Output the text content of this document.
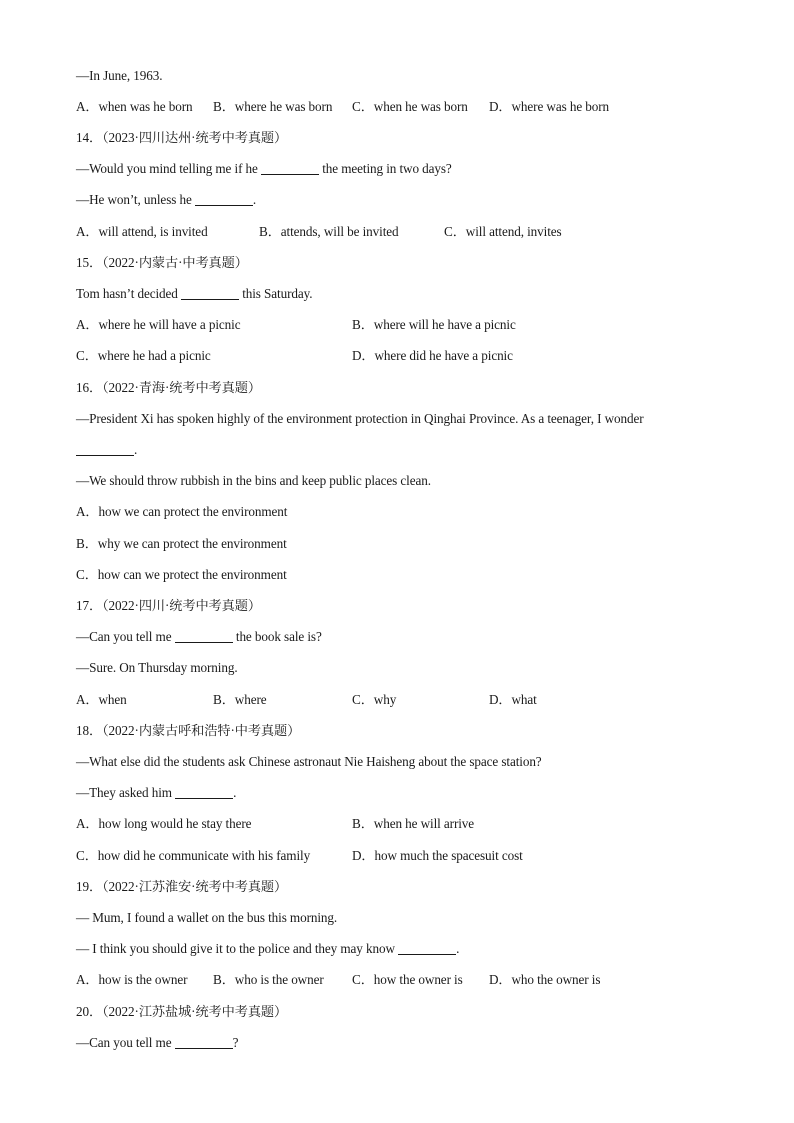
—In June, 1963.
A．when was he born B．where he was born C．when he was born D．where was he born
14．（2023·四川达州·统考中考真题）
—Would you mind telling me if he	the meeting in two days?
—He won’t, unless he	.
A．will attend, is invited	B．attends, will be invited	C．will attend, invites
15．（2022·内蒙古·中考真题）
Tom hasn’t decided	this Saturday.
A．where he will have a picnic	B．where will he have a picnic
C．where he had a picnic	D．where did he have a picnic
16．（2022·青海·统考中考真题）
—President Xi has spoken highly of the environment protection in Qinghai Province. As a teenager, I wonder
.
—We should throw rubbish in the bins and keep public places clean.
A．how we can protect the environment
B．why we can protect the environment
C．how can we protect the environment
17．（2022·四川·统考中考真题）
—Can you tell me	the book sale is?
—Sure. On Thursday morning.
A．when	B．where	C．why	D．what
18．（2022·内蒙古呼和浩特·中考真题）
—What else did the students ask Chinese astronaut Nie Haisheng about the space station?
—They asked him	.
A．how long would he stay there	B．when he will arrive
C．how did he communicate with his family	D．how much the spacesuit cost
19．（2022·江苏淮安·统考中考真题）
— Mum, I found a wallet on the bus this morning.
— I think you should give it to the police and they may know	.
A．how is the owner B．who is the owner C．how the owner is D．who the owner is
20．（2022·江苏盐城·统考中考真题）
—Can you tell me	?
